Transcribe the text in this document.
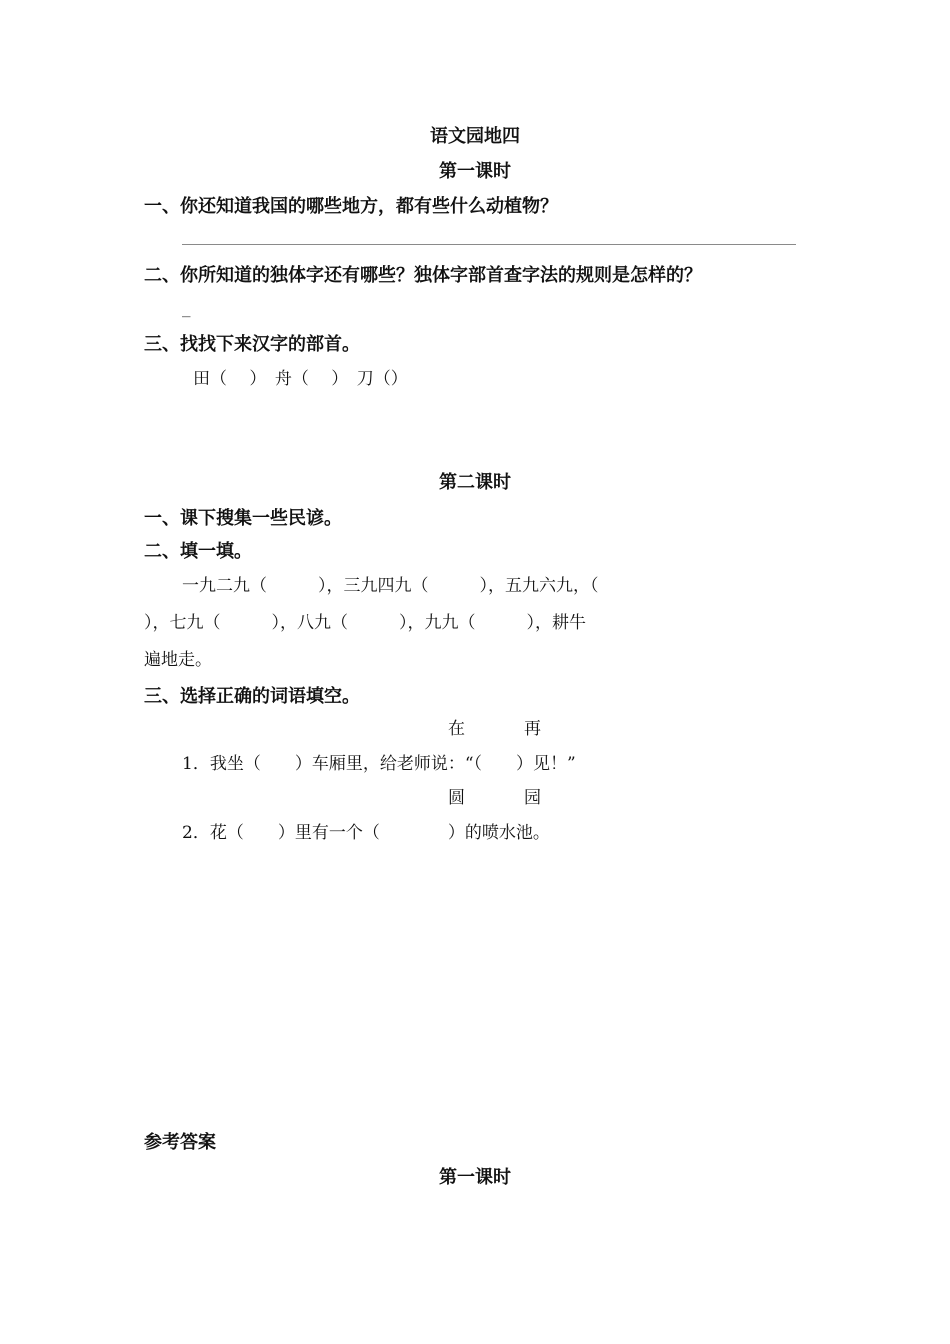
语文园地四
第一课时
一、你还知道我国的哪些地方，都有些什么动植物？
二、你所知道的独体字还有哪些？独体字部首查字法的规则是怎样的？
_
三、找找下来汉字的部首。
田（　 ）　舟（　 ）　刀（）
第二课时
一、课下搜集一些民谚。
二、填一填。
一九二九（　　　），三九四九（　　　），五九六九，（
），七九（　　　），八九（　　　），九九（　　　），耕牛
遍地走。
三、选择正确的词语填空。
在	再
1．我坐（　　）车厢里，给老师说：“（　　）见！”
圆	园
2．花（　　）里有一个（　　　　）的喷水池。
参考答案
第一课时
